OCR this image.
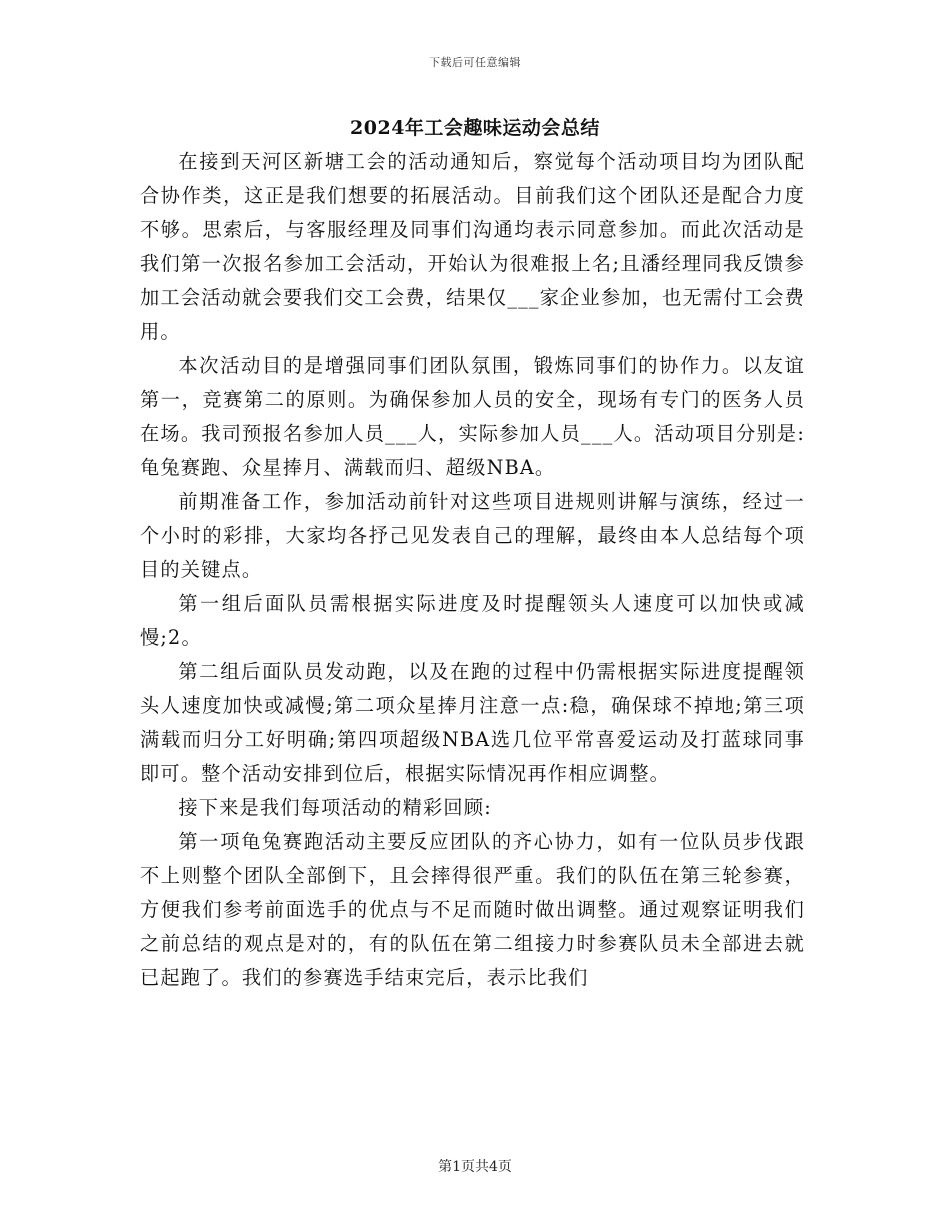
下载后可任意编辑
2024年工会趣味运动会总结

在接到天河区新塘工会的活动通知后，察觉每个活动项目均为团队配合协作类，这正是我们想要的拓展活动。目前我们这个团队还是配合力度不够。思索后，与客服经理及同事们沟通均表示同意参加。而此次活动是我们第一次报名参加工会活动，开始认为很难报上名;且潘经理同我反馈参加工会活动就会要我们交工会费，结果仅___家企业参加，也无需付工会费用。

本次活动目的是增强同事们团队氛围，锻炼同事们的协作力。以友谊第一，竞赛第二的原则。为确保参加人员的安全，现场有专门的医务人员在场。我司预报名参加人员___人，实际参加人员___人。活动项目分别是:龟兔赛跑、众星捧月、满载而归、超级NBA。

前期准备工作，参加活动前针对这些项目进规则讲解与演练，经过一个小时的彩排，大家均各抒己见发表自己的理解，最终由本人总结每个项目的关键点。

第一组后面队员需根据实际进度及时提醒领头人速度可以加快或减慢;2。

第二组后面队员发动跑，以及在跑的过程中仍需根据实际进度提醒领头人速度加快或减慢;第二项众星捧月注意一点:稳，确保球不掉地;第三项满载而归分工好明确;第四项超级NBA选几位平常喜爱运动及打蓝球同事即可。整个活动安排到位后，根据实际情况再作相应调整。

接下来是我们每项活动的精彩回顾:

第一项龟兔赛跑活动主要反应团队的齐心协力，如有一位队员步伐跟不上则整个团队全部倒下，且会摔得很严重。我们的队伍在第三轮参赛，方便我们参考前面选手的优点与不足而随时做出调整。通过观察证明我们之前总结的观点是对的，有的队伍在第二组接力时参赛队员未全部进去就已起跑了。我们的参赛选手结束完后，表示比我们

第1页共4页
